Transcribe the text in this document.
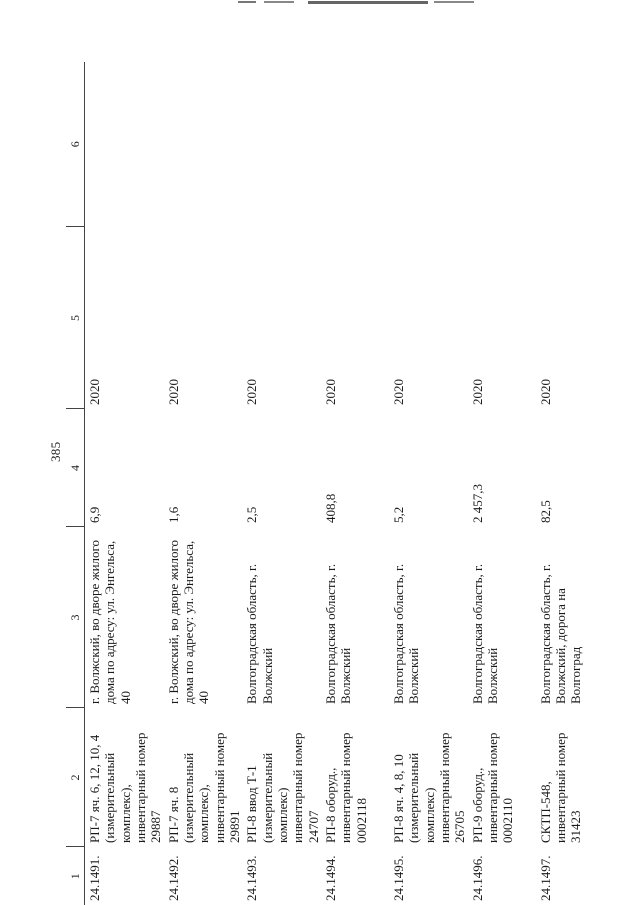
385
1	2	3	4	5	6
24.1491.	РП-7 яч. 6, 12, 10, 4 (измерительный комплекс), инвентарный номер 29887	г. Волжский, во дворе жилого дома по адресу: ул. Энгельса, 40	6,9	2020	
24.1492.	РП-7 яч. 8 (измерительный комплекс), инвентарный номер 29891	г. Волжский, во дворе жилого дома по адресу: ул. Энгельса, 40	1,6	2020	
24.1493.	РП-8 ввод Т-1 (измерительный комплекс) инвентарный номер 24707	Волгоградская область, г. Волжский	2,5	2020	
24.1494.	РП-8 оборуд., инвентарный номер 0002118	Волгоградская область, г. Волжский	408,8	2020	
24.1495.	РП-8 яч. 4, 8, 10 (измерительный комплекс) инвентарный номер 26705	Волгоградская область, г. Волжский	5,2	2020	
24.1496.	РП-9 оборуд., инвентарный номер 0002110	Волгоградская область, г. Волжский	2 457,3	2020	
24.1497.	СКТП-548, инвентарный номер 31423	Волгоградская область, г. Волжский, дорога на Волгоград	82,5	2020	
